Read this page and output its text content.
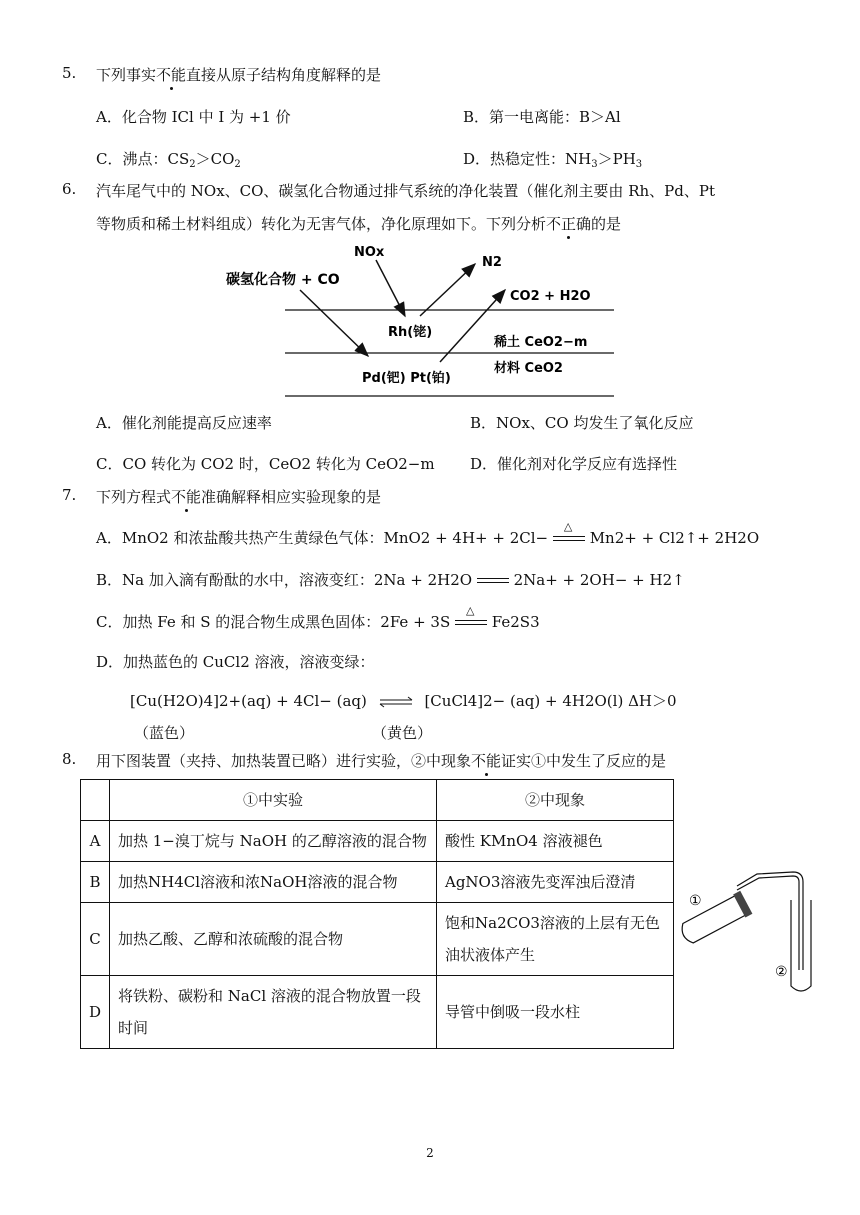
5. 下列事实不能直接从原子结构角度解释的是
A．化合物 ICl 中 I 为 +1 价	B．第一电离能：B＞Al
C．沸点：$CS_2>CO_2$	D．热稳定性：$NH_3>PH_3$
6. 汽车尾气中的 NOx、CO、碳氢化合物通过排气系统的净化装置（催化剂主要由 Rh、Pd、Pt
等物质和稀土材料组成）转化为无害气体，净化原理如下。下列分析不正确的是
碳氢化合物 + CO
NOx
N2
CO2 + H2O
Rh(铑)
Pd(钯) Pt(铂)
稀土 CeO2−m
材料 CeO2
A．催化剂能提高反应速率	B．NOx、CO 均发生了氧化反应
C．CO 转化为 CO2 时，CeO2 转化为 CeO2−m D．催化剂对化学反应有选择性
7. 下列方程式不能准确解释相应实验现象的是
A．MnO2 和浓盐酸共热产生黄绿色气体：MnO2 + 4H+ + 2Cl−
△
Mn2+ + Cl2↑+ 2H2O
B．Na 加入滴有酚酞的水中，溶液变红：2Na + 2H2O	2Na+ + 2OH− + H2↑
C．加热 Fe 和 S 的混合物生成黑色固体：2Fe + 3S
△
Fe2S3
D．加热蓝色的 CuCl2 溶液，溶液变绿：
[Cu(H2O)4]2+(aq) + 4Cl− (aq) ⇌ [CuCl4]2− (aq) + 4H2O(l) ΔH＞0
（蓝色）	（黄色）
8. 用下图装置（夹持、加热装置已略）进行实验，②中现象不能证实①中发生了反应的是
	①中实验	②中现象
A	加热 1−溴丁烷与 NaOH 的乙醇溶液的混合物	酸性 KMnO4 溶液褪色
B	加热NH4Cl溶液和浓NaOH溶液的混合物	AgNO3溶液先变浑浊后澄清
C	加热乙酸、乙醇和浓硫酸的混合物	饱和Na2CO3溶液的上层有无色油状液体产生
D	将铁粉、碳粉和 NaCl 溶液的混合物放置一段时间	导管中倒吸一段水柱
①
②
2
